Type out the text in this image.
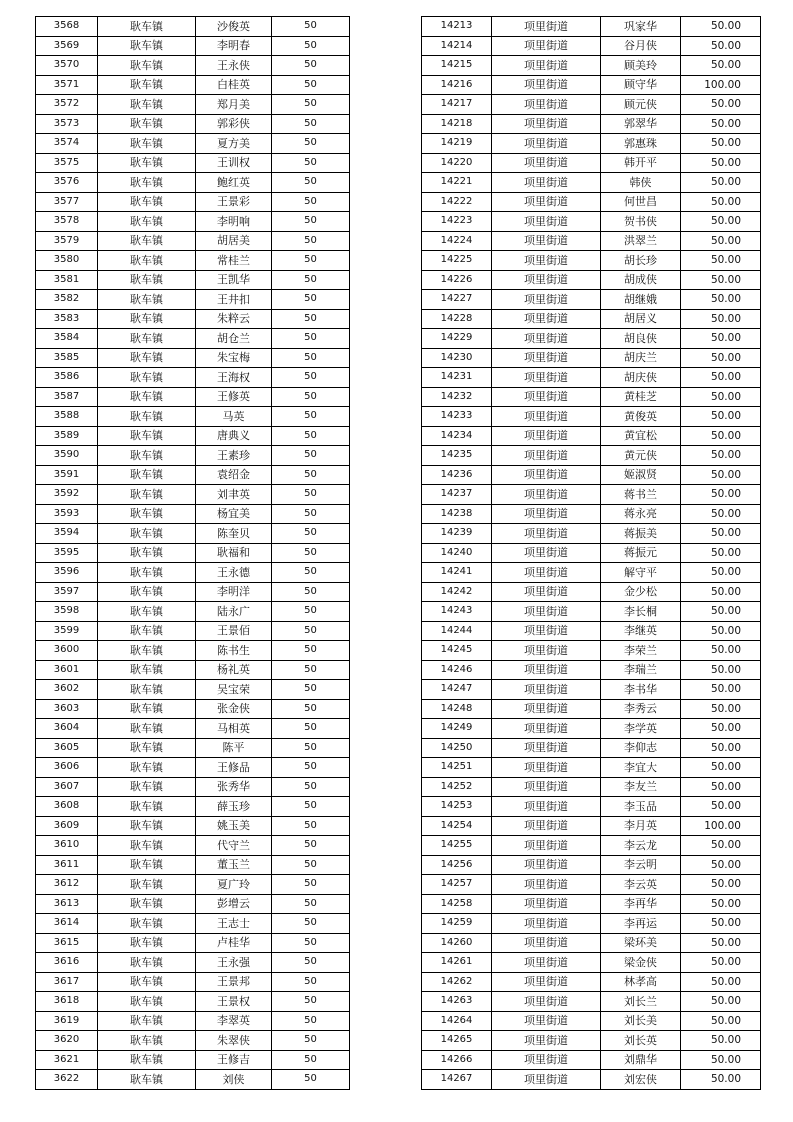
3568	耿车镇	沙俊英	50
3569	耿车镇	李明春	50
3570	耿车镇	王永侠	50
3571	耿车镇	白桂英	50
3572	耿车镇	郑月美	50
3573	耿车镇	郭彩侠	50
3574	耿车镇	夏方美	50
3575	耿车镇	王训权	50
3576	耿车镇	鲍红英	50
3577	耿车镇	王景彩	50
3578	耿车镇	李明响	50
3579	耿车镇	胡居美	50
3580	耿车镇	常桂兰	50
3581	耿车镇	王凯华	50
3582	耿车镇	王井扣	50
3583	耿车镇	朱粹云	50
3584	耿车镇	胡仓兰	50
3585	耿车镇	朱宝梅	50
3586	耿车镇	王海权	50
3587	耿车镇	王修英	50
3588	耿车镇	马英	50
3589	耿车镇	唐典义	50
3590	耿车镇	王素珍	50
3591	耿车镇	袁绍金	50
3592	耿车镇	刘聿英	50
3593	耿车镇	杨宜美	50
3594	耿车镇	陈奎贝	50
3595	耿车镇	耿福和	50
3596	耿车镇	王永德	50
3597	耿车镇	李明洋	50
3598	耿车镇	陆永广	50
3599	耿车镇	王景佰	50
3600	耿车镇	陈书生	50
3601	耿车镇	杨礼英	50
3602	耿车镇	吴宝荣	50
3603	耿车镇	张金侠	50
3604	耿车镇	马相英	50
3605	耿车镇	陈平	50
3606	耿车镇	王修品	50
3607	耿车镇	张秀华	50
3608	耿车镇	薛玉珍	50
3609	耿车镇	姚玉美	50
3610	耿车镇	代守兰	50
3611	耿车镇	董玉兰	50
3612	耿车镇	夏广玲	50
3613	耿车镇	彭增云	50
3614	耿车镇	王志士	50
3615	耿车镇	卢桂华	50
3616	耿车镇	王永强	50
3617	耿车镇	王景邦	50
3618	耿车镇	王景权	50
3619	耿车镇	李翠英	50
3620	耿车镇	朱翠侠	50
3621	耿车镇	王修吉	50
3622	耿车镇	刘侠	50
14213	项里街道	巩家华	50.00
14214	项里街道	谷月侠	50.00
14215	项里街道	顾美玲	50.00
14216	项里街道	顾守华	100.00
14217	项里街道	顾元侠	50.00
14218	项里街道	郭翠华	50.00
14219	项里街道	郭惠珠	50.00
14220	项里街道	韩开平	50.00
14221	项里街道	韩侠	50.00
14222	项里街道	何世昌	50.00
14223	项里街道	贺书侠	50.00
14224	项里街道	洪翠兰	50.00
14225	项里街道	胡长珍	50.00
14226	项里街道	胡成侠	50.00
14227	项里街道	胡继娥	50.00
14228	项里街道	胡居义	50.00
14229	项里街道	胡良侠	50.00
14230	项里街道	胡庆兰	50.00
14231	项里街道	胡庆侠	50.00
14232	项里街道	黄桂芝	50.00
14233	项里街道	黄俊英	50.00
14234	项里街道	黄宜松	50.00
14235	项里街道	黄元侠	50.00
14236	项里街道	姬淑贤	50.00
14237	项里街道	蒋书兰	50.00
14238	项里街道	蒋永亮	50.00
14239	项里街道	蒋振美	50.00
14240	项里街道	蒋振元	50.00
14241	项里街道	解守平	50.00
14242	项里街道	金少松	50.00
14243	项里街道	李长桐	50.00
14244	项里街道	李继英	50.00
14245	项里街道	李荣兰	50.00
14246	项里街道	李瑞兰	50.00
14247	项里街道	李书华	50.00
14248	项里街道	李秀云	50.00
14249	项里街道	李学英	50.00
14250	项里街道	李仰志	50.00
14251	项里街道	李宜大	50.00
14252	项里街道	李友兰	50.00
14253	项里街道	李玉品	50.00
14254	项里街道	李月英	100.00
14255	项里街道	李云龙	50.00
14256	项里街道	李云明	50.00
14257	项里街道	李云英	50.00
14258	项里街道	李再华	50.00
14259	项里街道	李再运	50.00
14260	项里街道	梁环美	50.00
14261	项里街道	梁金侠	50.00
14262	项里街道	林孝高	50.00
14263	项里街道	刘长兰	50.00
14264	项里街道	刘长美	50.00
14265	项里街道	刘长英	50.00
14266	项里街道	刘鼎华	50.00
14267	项里街道	刘宏侠	50.00
